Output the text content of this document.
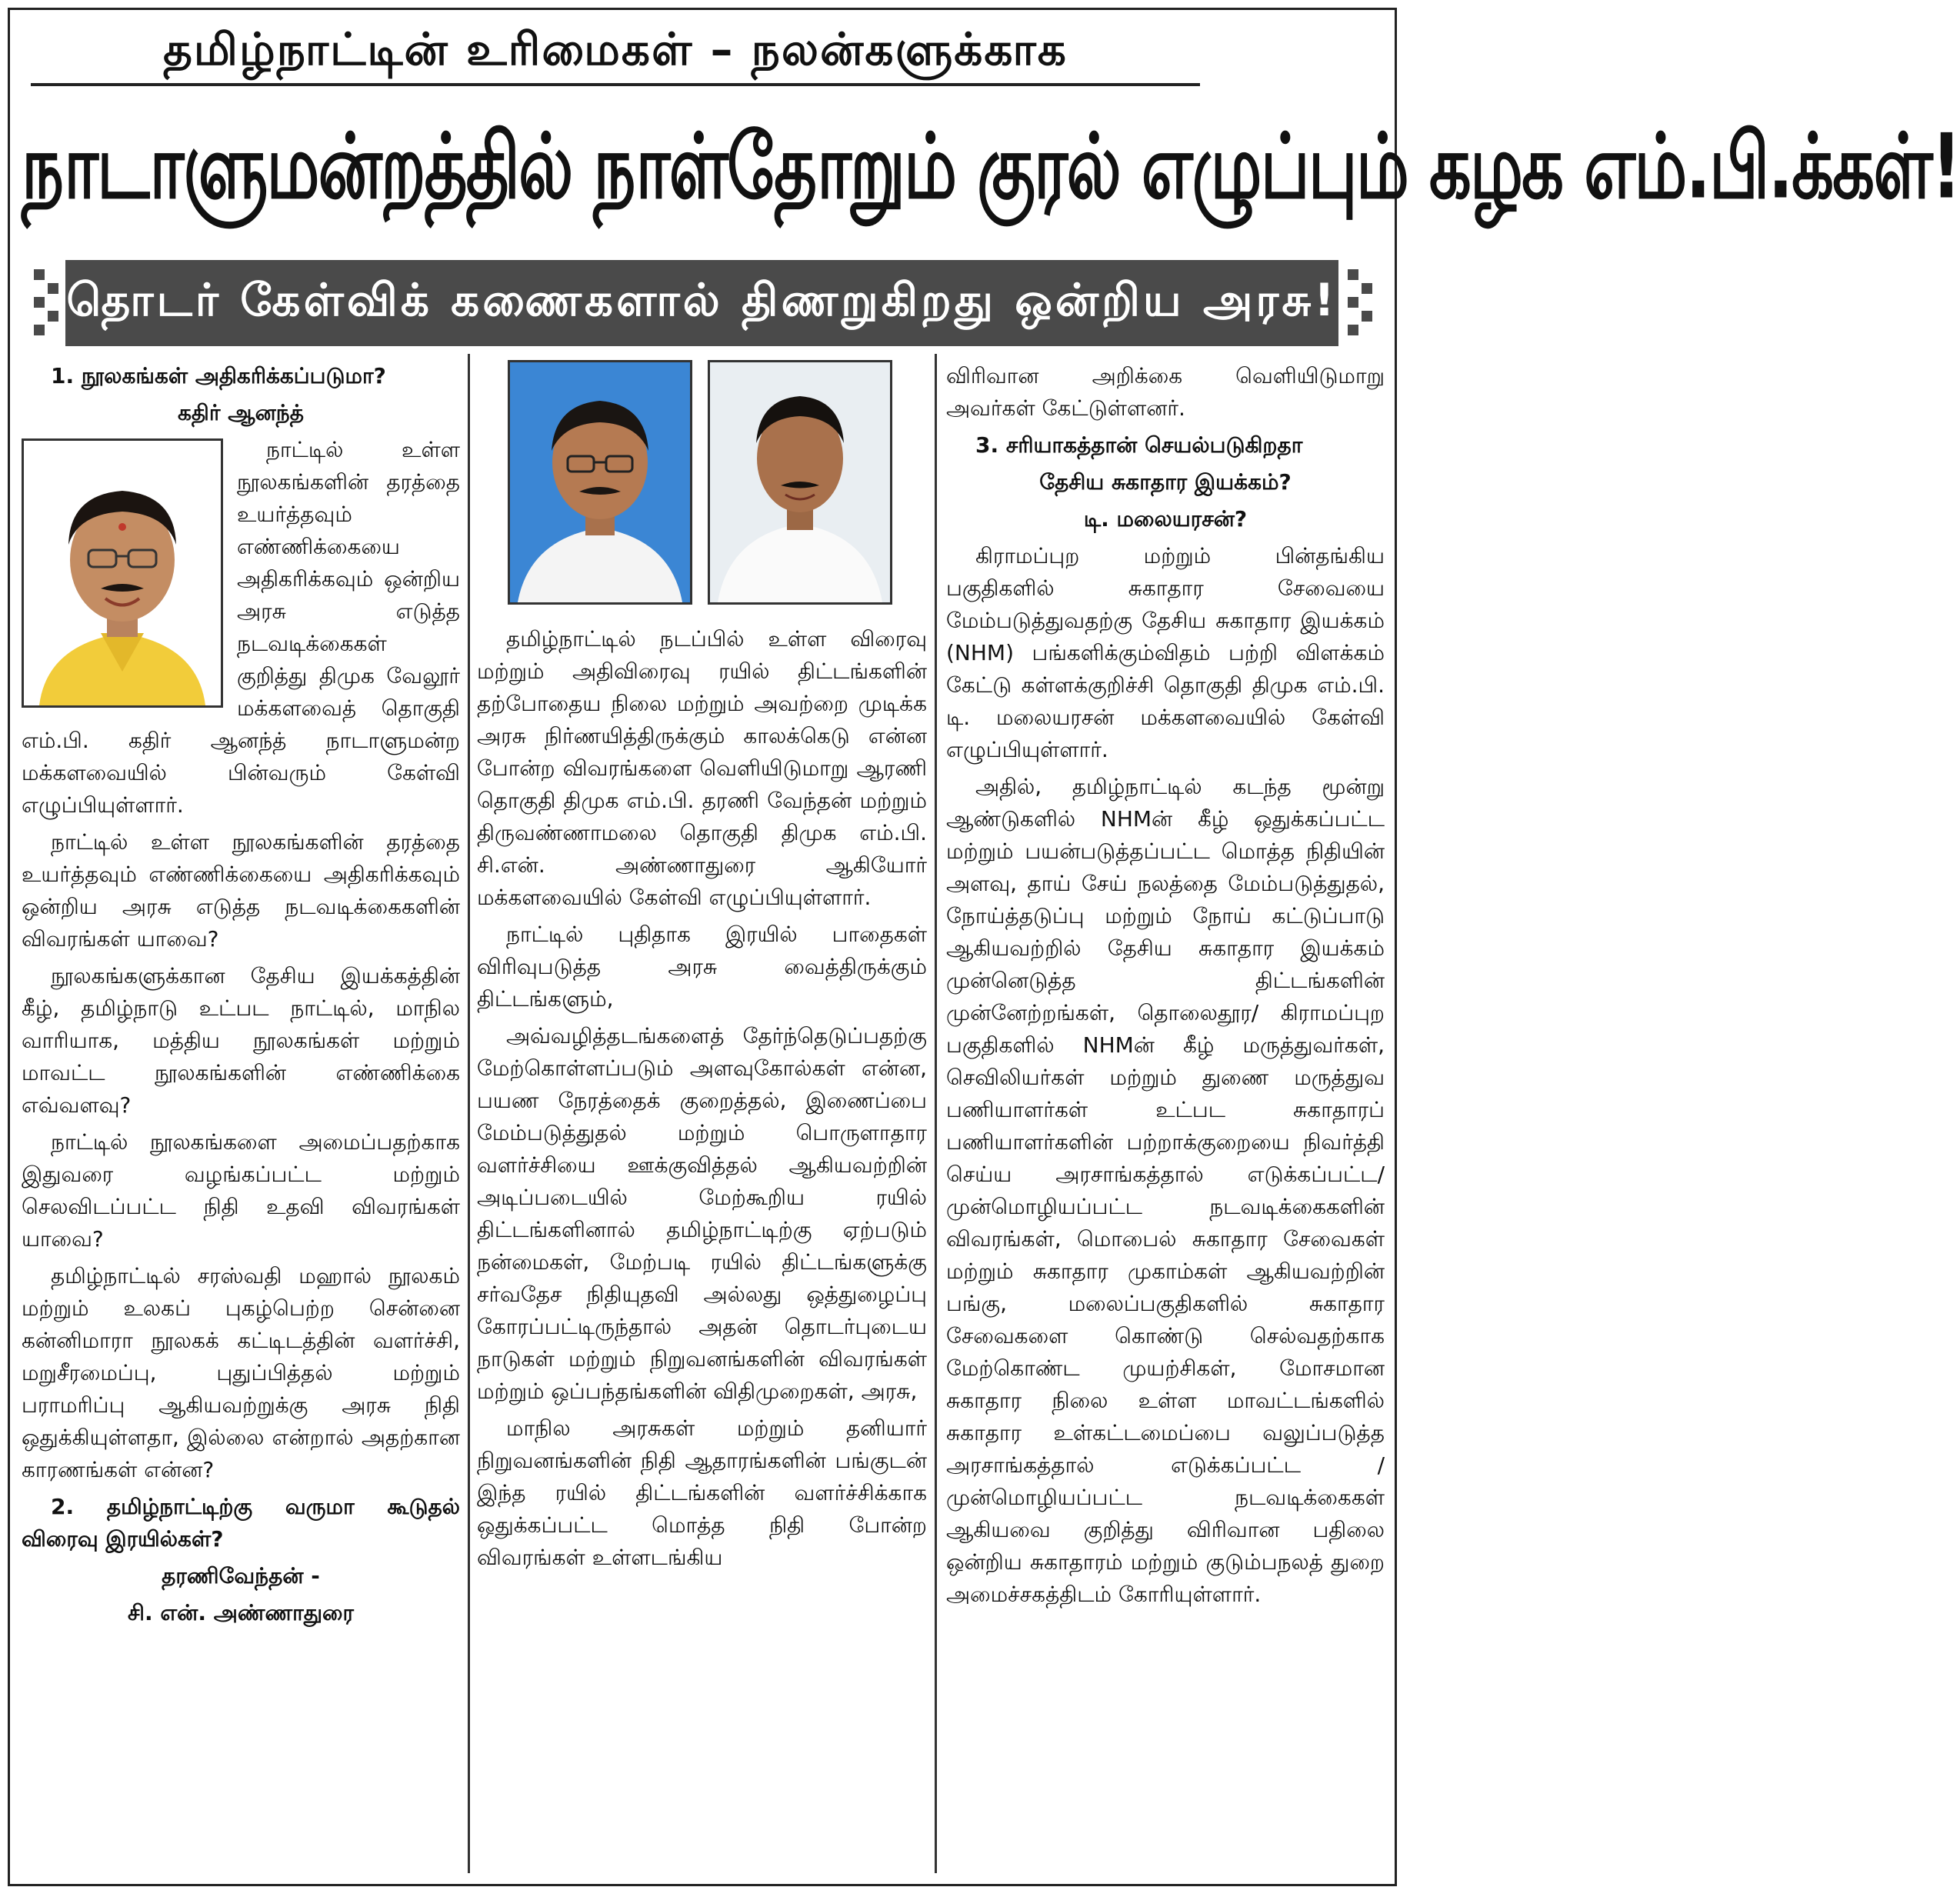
தமிழ்நாட்டின் உரிமைகள் – நலன்களுக்காக
நாடாளுமன்றத்தில் நாள்தோறும் குரல் எழுப்பும் கழக எம்.பி.க்கள்!
தொடர் கேள்விக் கணைகளால் திணறுகிறது ஒன்றிய அரசு!

1. நூலகங்கள் அதிகரிக்கப்படுமா?

கதிர் ஆனந்த்

நாட்டில் உள்ள நூலகங்களின் தரத்தை உயர்த்தவும் எண்ணிக்கையை அதிகரிக்கவும் ஒன்றிய அரசு எடுத்த நடவடிக்கைகள் குறித்து திமுக வேலூர் மக்களவைத் தொகுதி எம்.பி. கதிர் ஆனந்த் நாடாளுமன்ற மக்களவையில் பின்வரும் கேள்வி எழுப்பியுள்ளார்.

நாட்டில் உள்ள நூலகங்களின் தரத்தை உயர்த்தவும் எண்ணிக்கையை அதிகரிக்கவும் ஒன்றிய அரசு எடுத்த நடவடிக்கைகளின் விவரங்கள் யாவை?

நூலகங்களுக்கான தேசிய இயக்கத்தின் கீழ், தமிழ்நாடு உட்பட நாட்டில், மாநில வாரியாக, மத்திய நூலகங்கள் மற்றும் மாவட்ட நூலகங்களின் எண்ணிக்கை எவ்வளவு?

நாட்டில் நூலகங்களை அமைப்பதற்காக இதுவரை வழங்கப்பட்ட மற்றும் செலவிடப்பட்ட நிதி உதவி விவரங்கள் யாவை?

தமிழ்நாட்டில் சரஸ்வதி மஹால் நூலகம் மற்றும் உலகப் புகழ்பெற்ற சென்னை கன்னிமாரா நூலகக் கட்டிடத்தின் வளர்ச்சி, மறுசீரமைப்பு, புதுப்பித்தல் மற்றும் பராமரிப்பு ஆகியவற்றுக்கு அரசு நிதி ஒதுக்கியுள்ளதா, இல்லை என்றால் அதற்கான காரணங்கள் என்ன?

2. தமிழ்நாட்டிற்கு வருமா கூடுதல் விரைவு இரயில்கள்?

தரணிவேந்தன் -

சி. என். அண்ணாதுரை

தமிழ்நாட்டில் நடப்பில் உள்ள விரைவு மற்றும் அதிவிரைவு ரயில் திட்டங்களின் தற்போதைய நிலை மற்றும் அவற்றை முடிக்க அரசு நிர்ணயித்திருக்கும் காலக்கெடு என்ன போன்ற விவரங்களை வெளியிடுமாறு ஆரணி தொகுதி திமுக எம்.பி. தரணி வேந்தன் மற்றும் திருவண்ணாமலை தொகுதி திமுக எம்.பி. சி.என். அண்ணாதுரை ஆகியோர் மக்களவையில் கேள்வி எழுப்பியுள்ளார்.

நாட்டில் புதிதாக இரயில் பாதைகள் விரிவுபடுத்த அரசு வைத்திருக்கும் திட்டங்களும்,

அவ்வழித்தடங்களைத் தேர்ந்தெடுப்பதற்கு மேற்கொள்ளப்படும் அளவுகோல்கள் என்ன, பயண நேரத்தைக் குறைத்தல், இணைப்பை மேம்படுத்துதல் மற்றும் பொருளாதார வளர்ச்சியை ஊக்குவித்தல் ஆகியவற்றின் அடிப்படையில் மேற்கூறிய ரயில் திட்டங்களினால் தமிழ்நாட்டிற்கு ஏற்படும் நன்மைகள், மேற்படி ரயில் திட்டங்களுக்கு சர்வதேச நிதியுதவி அல்லது ஒத்துழைப்பு கோரப்பட்டிருந்தால் அதன் தொடர்புடைய நாடுகள் மற்றும் நிறுவனங்களின் விவரங்கள் மற்றும் ஒப்பந்தங்களின் விதிமுறைகள், அரசு,

மாநில அரசுகள் மற்றும் தனியார் நிறுவனங்களின் நிதி ஆதாரங்களின் பங்குடன் இந்த ரயில் திட்டங்களின் வளர்ச்சிக்காக ஒதுக்கப்பட்ட மொத்த நிதி போன்ற விவரங்கள் உள்ளடங்கிய

விரிவான அறிக்கை வெளியிடுமாறு அவர்கள் கேட்டுள்ளனர்.

3. சரியாகத்தான் செயல்படுகிறதா

தேசிய சுகாதார இயக்கம்?

டி. மலையரசன்?

கிராமப்புற மற்றும் பின்தங்கிய பகுதிகளில் சுகாதார சேவையை மேம்படுத்துவதற்கு தேசிய சுகாதார இயக்கம் (NHM) பங்களிக்கும்விதம் பற்றி விளக்கம் கேட்டு கள்ளக்குறிச்சி தொகுதி திமுக எம்.பி. டி. மலையரசன் மக்களவையில் கேள்வி எழுப்பியுள்ளார்.

அதில், தமிழ்நாட்டில் கடந்த மூன்று ஆண்டுகளில் NHMன் கீழ் ஒதுக்கப்பட்ட மற்றும் பயன்படுத்தப்பட்ட மொத்த நிதியின் அளவு, தாய் சேய் நலத்தை மேம்படுத்துதல், நோய்த்தடுப்பு மற்றும் நோய் கட்டுப்பாடு ஆகியவற்றில் தேசிய சுகாதார இயக்கம் முன்னெடுத்த திட்டங்களின் முன்னேற்றங்கள், தொலைதூர/ கிராமப்புற பகுதிகளில் NHMன் கீழ் மருத்துவர்கள், செவிலியர்கள் மற்றும் துணை மருத்துவ பணியாளர்கள் உட்பட சுகாதாரப் பணியாளர்களின் பற்றாக்குறையை நிவர்த்தி செய்ய அரசாங்கத்தால் எடுக்கப்பட்ட/முன்மொழியப்பட்ட நடவடிக்கைகளின் விவரங்கள், மொபைல் சுகாதார சேவைகள் மற்றும் சுகாதார முகாம்கள் ஆகியவற்றின் பங்கு, மலைப்பகுதிகளில் சுகாதார சேவைகளை கொண்டு செல்வதற்காக மேற்கொண்ட முயற்சிகள், மோசமான சுகாதார நிலை உள்ள மாவட்டங்களில் சுகாதார உள்கட்டமைப்பை வலுப்படுத்த அரசாங்கத்தால் எடுக்கப்பட்ட / முன்மொழியப்பட்ட நடவடிக்கைகள் ஆகியவை குறித்து விரிவான பதிலை ஒன்றிய சுகாதாரம் மற்றும் குடும்பநலத் துறை அமைச்சகத்திடம் கோரியுள்ளார்.
